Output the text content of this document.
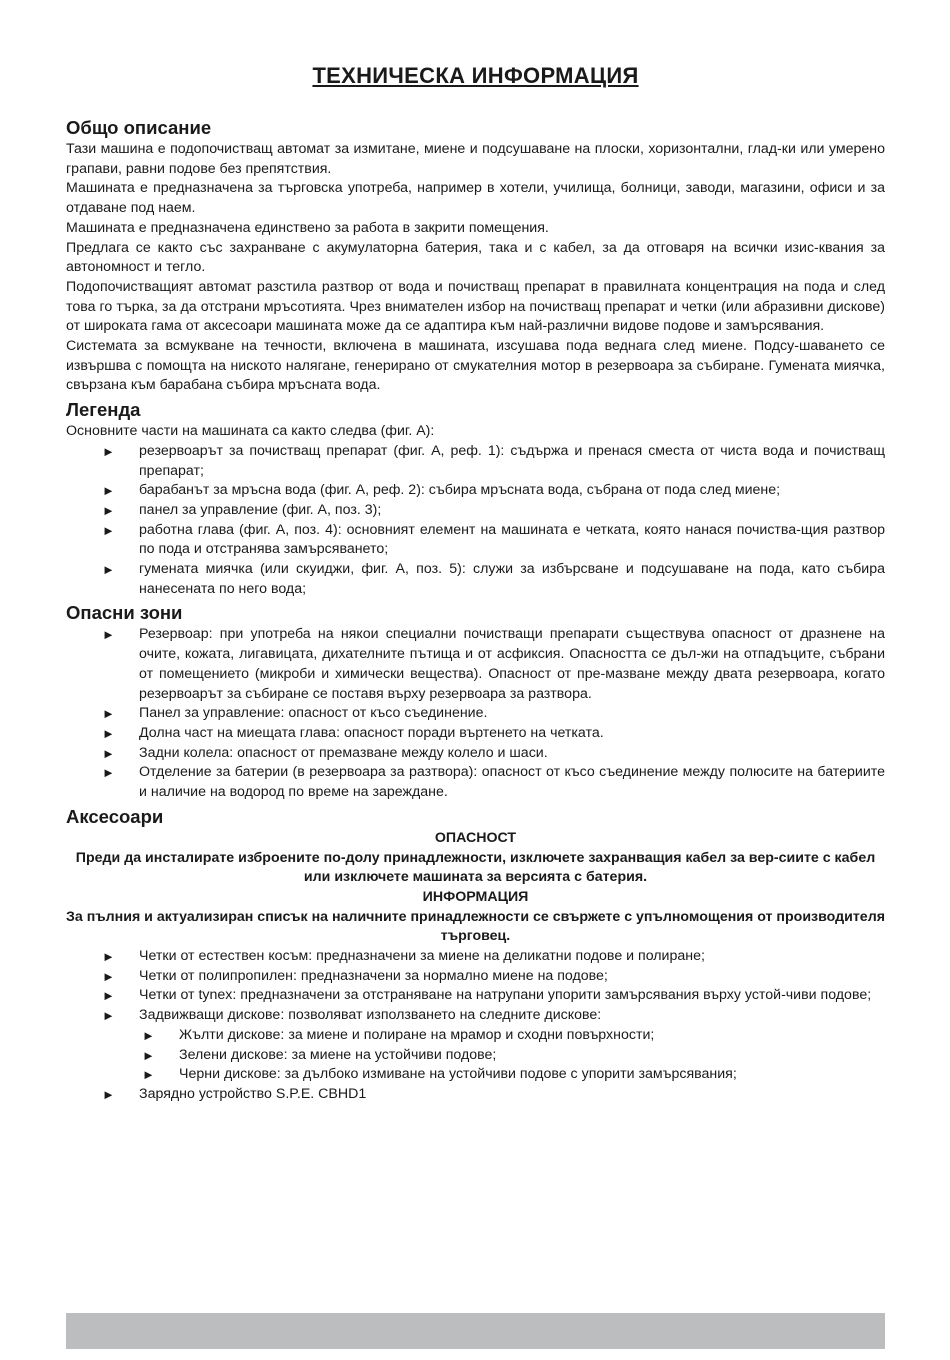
ТЕХНИЧЕСКА ИНФОРМАЦИЯ
Общо описание

Тази машина е подопочистващ автомат за измитане, миене и подсушаване на плоски, хоризонтални, глад-ки или умерено грапави, равни подове без препятствия.

Машината е предназначена за търговска употреба, например в хотели, училища, болници, заводи, магазини, офиси и за отдаване под наем.

Машината е предназначена единствено за работа в закрити помещения.

Предлага се както със захранване с акумулаторна батерия, така и с кабел, за да отговаря на всички изис-квания за автономност и тегло.

Подопочистващият автомат разстила разтвор от вода и почистващ препарат в правилната концентрация на пода и след това го търка, за да отстрани мръсотията. Чрез внимателен избор на почистващ препарат и четки (или абразивни дискове) от широката гама от аксесоари машината може да се адаптира към най-различни видове подове и замърсявания.

Системата за всмукване на течности, включена в машината, изсушава пода веднага след миене. Подсу-шаването се извършва с помощта на ниското налягане, генерирано от смукателния мотор в резервоара за събиране. Гумената миячка, свързана към барабана събира мръсната вода.

Легенда

Основните части на машината са както следва (фиг. А):

► резервоарът за почистващ препарат (фиг. А, реф. 1): съдържа и пренася сместа от чиста вода и почистващ препарат;
► барабанът за мръсна вода (фиг. А, реф. 2): събира мръсната вода, събрана от пода след миене;
► панел за управление (фиг. А, поз. 3);
► работна глава (фиг. А, поз. 4): основният елемент на машината е четката, която нанася почиства-щия разтвор по пода и отстранява замърсяването;
► гумената миячка (или скуиджи, фиг. А, поз. 5): служи за избърсване и подсушаване на пода, като събира нанесената по него вода;
Опасни зони
► Резервоар: при употреба на някои специални почистващи препарати съществува опасност от дразнене на очите, кожата, лигавицата, дихателните пътища и от асфиксия. Опасността се дъл-жи на отпадъците, събрани от помещението (микроби и химически вещества). Опасност от пре-мазване между двата резервоара, когато резервоарът за събиране се поставя върху резервоара за разтвора.
► Панел за управление: опасност от късо съединение.
► Долна част на миещата глава: опасност поради въртенето на четката.
► Задни колела: опасност от премазване между колело и шаси.
► Отделение за батерии (в резервоара за разтвора): опасност от късо съединение между полюсите на батериите и наличие на водород по време на зареждане.
Аксесоари

ОПАСНОСТ

Преди да инсталирате изброените по-долу принадлежности, изключете захранващия кабел за вер-сиите с кабел или изключете машината за версията с батерия.

ИНФОРМАЦИЯ

За пълния и актуализиран списък на наличните принадлежности се свържете с упълномощения от производителя търговец.

► Четки от естествен косъм: предназначени за миене на деликатни подове и полиране;
► Четки от полипропилен: предназначени за нормално миене на подове;
► Четки от tynex: предназначени за отстраняване на натрупани упорити замърсявания върху устой-чиви подове;
► Задвижващи дискове: позволяват използването на следните дискове:
► Жълти дискове: за миене и полиране на мрамор и сходни повърхности;
► Зелени дискове: за миене на устойчиви подове;
► Черни дискове: за дълбоко измиване на устойчиви подове с упорити замърсявания;
► Зарядно устройство S.P.E. CBHD1
